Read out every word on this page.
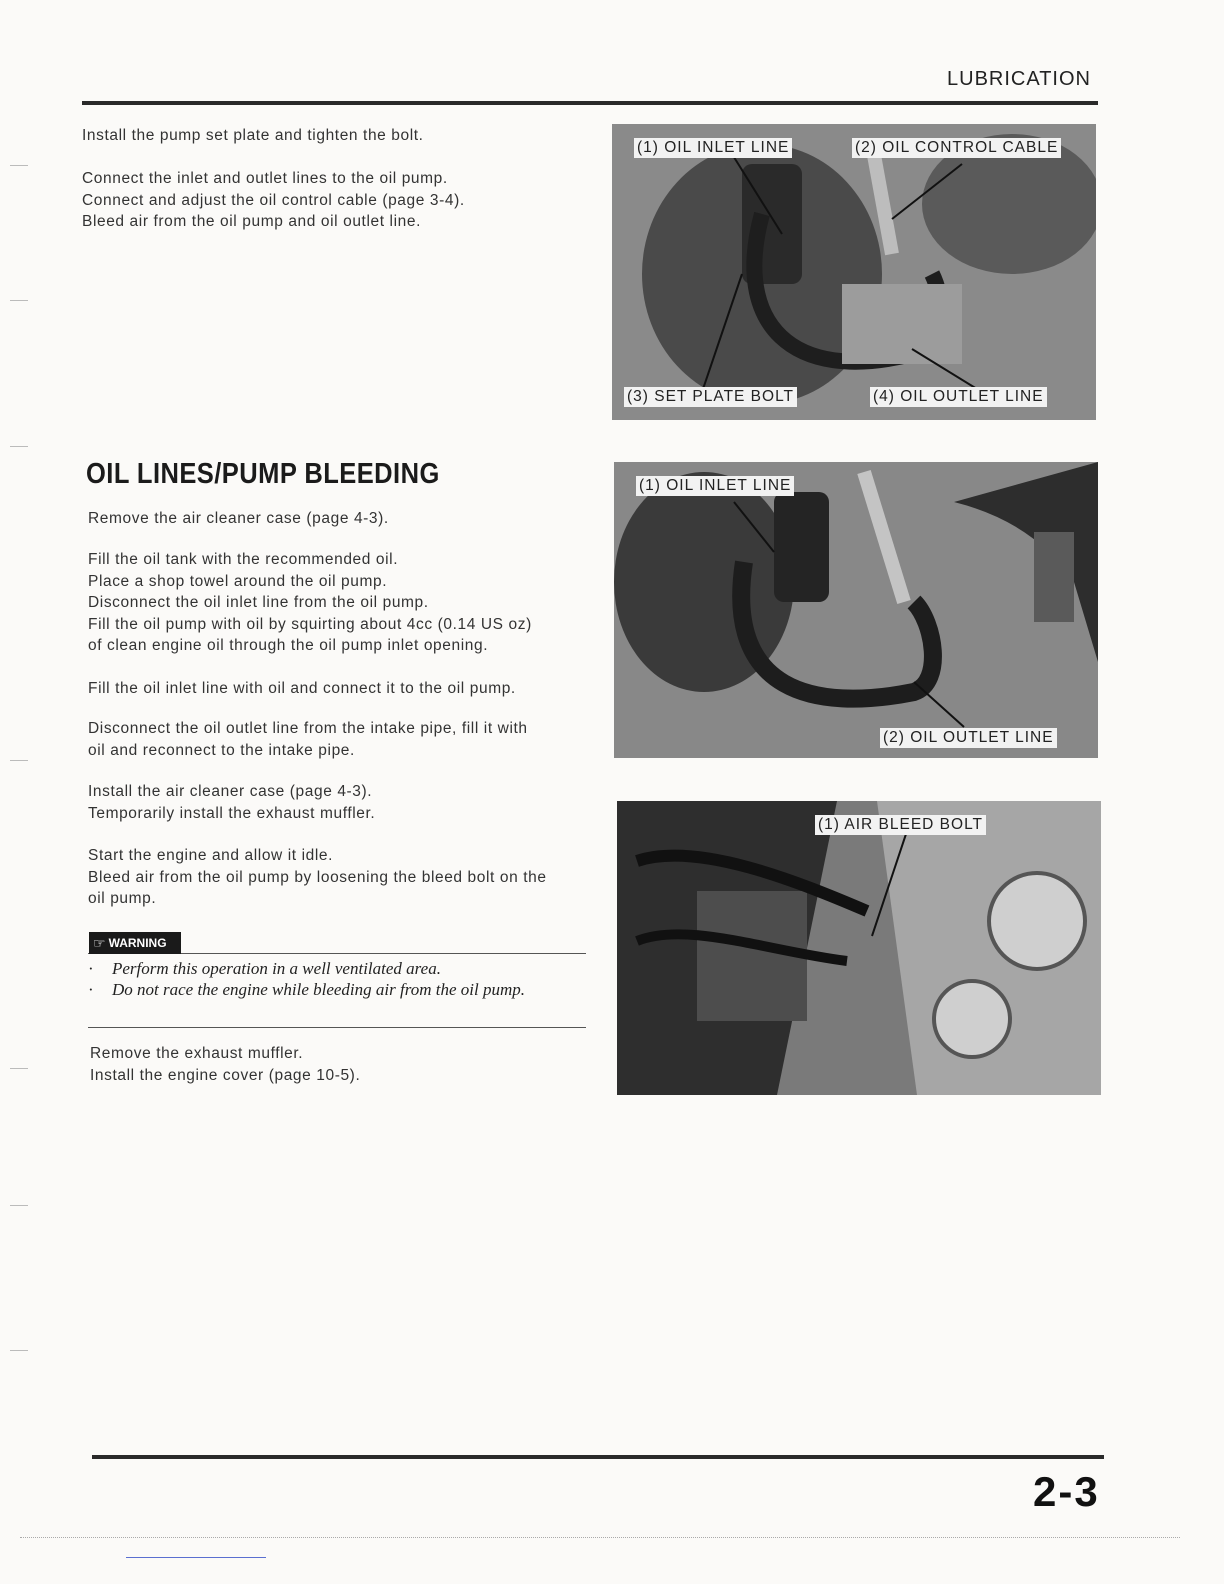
LUBRICATION
Install the pump set plate and tighten the bolt.
Connect the inlet and outlet lines to the oil pump.
Connect and adjust the oil control cable (page 3-4).
Bleed air from the oil pump and oil outlet line.
OIL LINES/PUMP BLEEDING
Remove the air cleaner case (page 4-3).
Fill the oil tank with the recommended oil.
Place a shop towel around the oil pump.
Disconnect the oil inlet line from the oil pump.
Fill the oil pump with oil by squirting about 4cc (0.14 US oz)
of clean engine oil through the oil pump inlet opening.
Fill the oil inlet line with oil and connect it to the oil pump.
Disconnect the oil outlet line from the intake pipe, fill it with
oil and reconnect to the intake pipe.
Install the air cleaner case (page 4-3).
Temporarily install the exhaust muffler.
Start the engine and allow it idle.
Bleed air from the oil pump by loosening the bleed bolt on the
oil pump.
☞ WARNING
· Perform this operation in a well ventilated area.
· Do not race the engine while bleeding air from the oil pump.
Remove the exhaust muffler.
Install the engine cover (page 10-5).
(1) OIL INLET LINE	(2) OIL CONTROL CABLE
(3) SET PLATE BOLT	(4) OIL OUTLET LINE
(1) OIL INLET LINE
(2) OIL OUTLET LINE
(1) AIR BLEED BOLT
2-3
